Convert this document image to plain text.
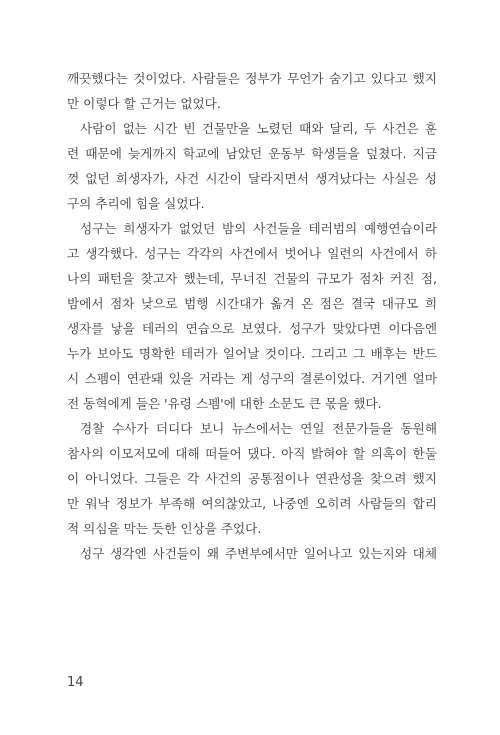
깨끗했다는 것이었다. 사람들은 정부가 무언가 숨기고 있다고 했지
만 이렇다 할 근거는 없었다.
사람이 없는 시간 빈 건물만을 노렸던 때와 달리, 두 사건은 훈
련 때문에 늦게까지 학교에 남았던 운동부 학생들을 덮쳤다. 지금
껏 없던 희생자가, 사건 시간이 달라지면서 생겨났다는 사실은 성
구의 추리에 힘을 실었다.
성구는 희생자가 없었던 밤의 사건들을 테러범의 예행연습이라
고 생각했다. 성구는 각각의 사건에서 벗어나 일련의 사건에서 하
나의 패턴을 찾고자 했는데, 무너진 건물의 규모가 점차 커진 점,
밤에서 점차 낮으로 범행 시간대가 옮겨 온 점은 결국 대규모 희
생자를 낳을 테러의 연습으로 보였다. 성구가 맞았다면 이다음엔
누가 보아도 명확한 테러가 일어날 것이다. 그리고 그 배후는 반드
시 스펨이 연관돼 있을 거라는 게 성구의 결론이었다. 거기엔 얼마
전 동혁에게 들은 '유령 스펨'에 대한 소문도 큰 몫을 했다.
경찰 수사가 더디다 보니 뉴스에서는 연일 전문가들을 동원해
참사의 이모저모에 대해 떠들어 댔다. 아직 밝혀야 할 의혹이 한둘
이 아니었다. 그들은 각 사건의 공통점이나 연관성을 찾으려 했지
만 워낙 정보가 부족해 여의찮았고, 나중엔 오히려 사람들의 합리
적 의심을 막는 듯한 인상을 주었다.
성구 생각엔 사건들이 왜 주변부에서만 일어나고 있는지와 대체
14
